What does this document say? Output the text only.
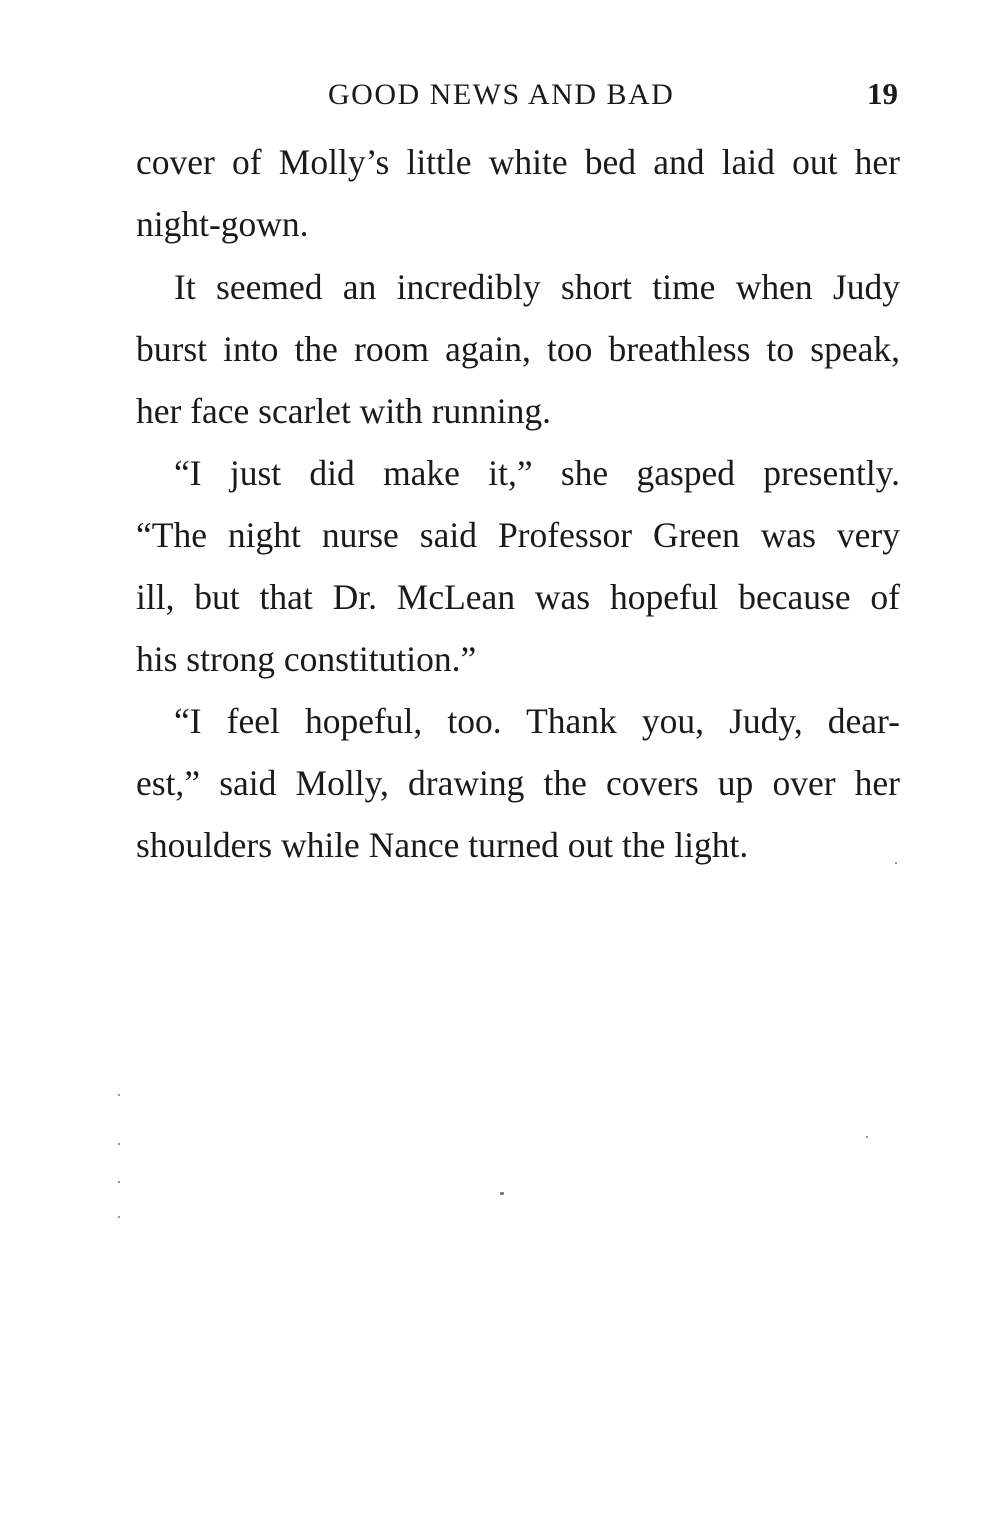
GOOD NEWS AND BAD	19
cover of Molly’s little white bed and laid out her
night-gown.
It seemed an incredibly short time when Judy
burst into the room again, too breathless to speak,
her face scarlet with running.
“I just did make it,” she gasped presently.
“The night nurse said Professor Green was very
ill, but that Dr. McLean was hopeful because of
his strong constitution.”
“I feel hopeful, too. Thank you, Judy, dear-
est,” said Molly, drawing the covers up over her
shoulders while Nance turned out the light.
